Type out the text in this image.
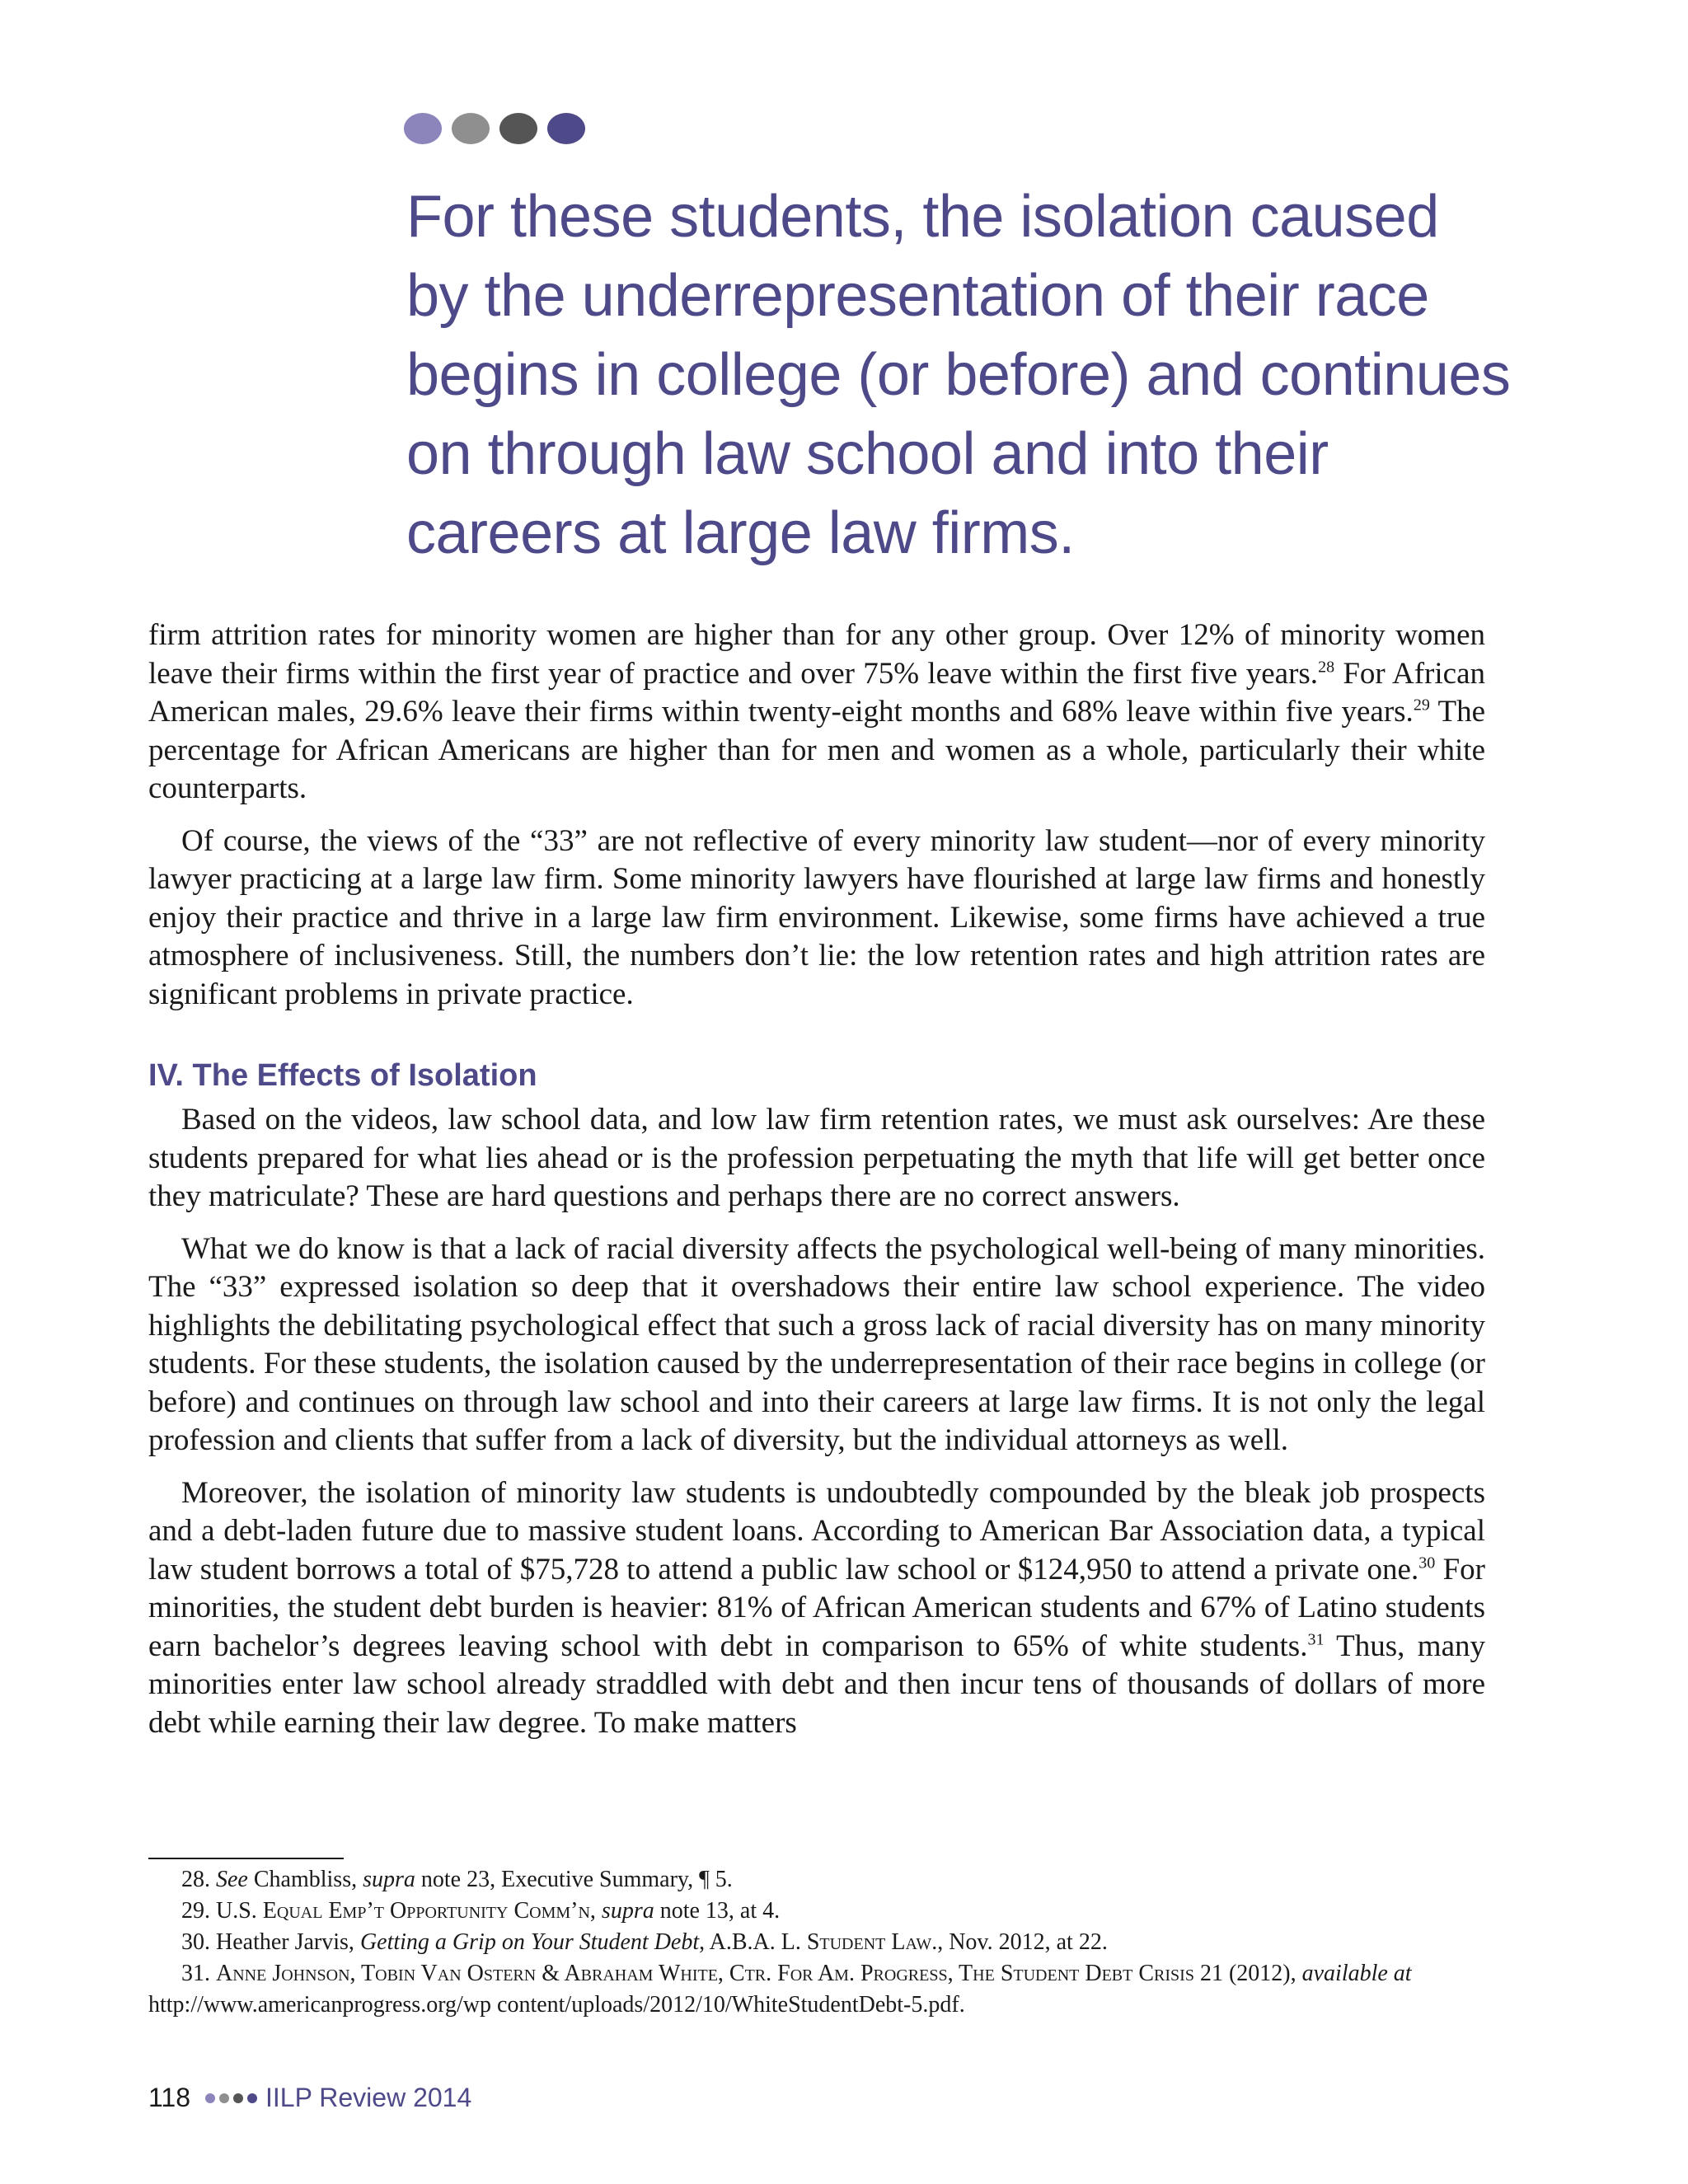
For these students, the isolation caused
by the underrepresentation of their race
begins in college (or before) and continues
on through law school and into their
careers at large law firms.

firm attrition rates for minority women are higher than for any other group. Over 12% of minority women leave their firms within the first year of practice and over 75% leave within the first five years.$^{28}$ For African American males, 29.6% leave their firms within twenty-eight months and 68% leave within five years.$^{29}$ The percentage for African Americans are higher than for men and women as a whole, particularly their white counterparts.

Of course, the views of the “33” are not reflective of every minority law student—nor of every minority lawyer practicing at a large law firm. Some minority lawyers have flourished at large law firms and honestly enjoy their practice and thrive in a large law firm environment. Likewise, some firms have achieved a true atmosphere of inclusiveness. Still, the numbers don’t lie: the low retention rates and high attrition rates are significant problems in private practice.

IV. The Effects of Isolation

Based on the videos, law school data, and low law firm retention rates, we must ask ourselves: Are these students prepared for what lies ahead or is the profession perpetuating the myth that life will get better once they matriculate? These are hard questions and perhaps there are no correct answers.

What we do know is that a lack of racial diversity affects the psychological well-being of many minorities. The “33” expressed isolation so deep that it overshadows their entire law school experience. The video highlights the debilitating psychological effect that such a gross lack of racial diversity has on many minority students. For these students, the isolation caused by the underrepresentation of their race begins in college (or before) and continues on through law school and into their careers at large law firms. It is not only the legal profession and clients that suffer from a lack of diversity, but the individual attorneys as well.

Moreover, the isolation of minority law students is undoubtedly compounded by the bleak job prospects and a debt-laden future due to massive student loans. According to American Bar Association data, a typical law student borrows a total of $75,728 to attend a public law school or $124,950 to attend a private one.$^{30}$ For minorities, the student debt burden is heavier: 81% of African American students and 67% of Latino students earn bachelor’s degrees leaving school with debt in comparison to 65% of white students.$^{31}$ Thus, many minorities enter law school already straddled with debt and then incur tens of thousands of dollars of more debt while earning their law degree. To make matters

28. See Chambliss, supra note 23, Executive Summary, ¶ 5.

29. U.S. Equal Emp’t Opportunity Comm’n, supra note 13, at 4.

30. Heather Jarvis, Getting a Grip on Your Student Debt, A.B.A. L. Student Law., Nov. 2012, at 22.

31. Anne Johnson, Tobin Van Ostern & Abraham White, Ctr. For Am. Progress, The Student Debt Crisis 21 (2012), available at http://www.americanprogress.org/wp content/uploads/2012/10/WhiteStudentDebt-5.pdf.

118	IILP Review 2014
